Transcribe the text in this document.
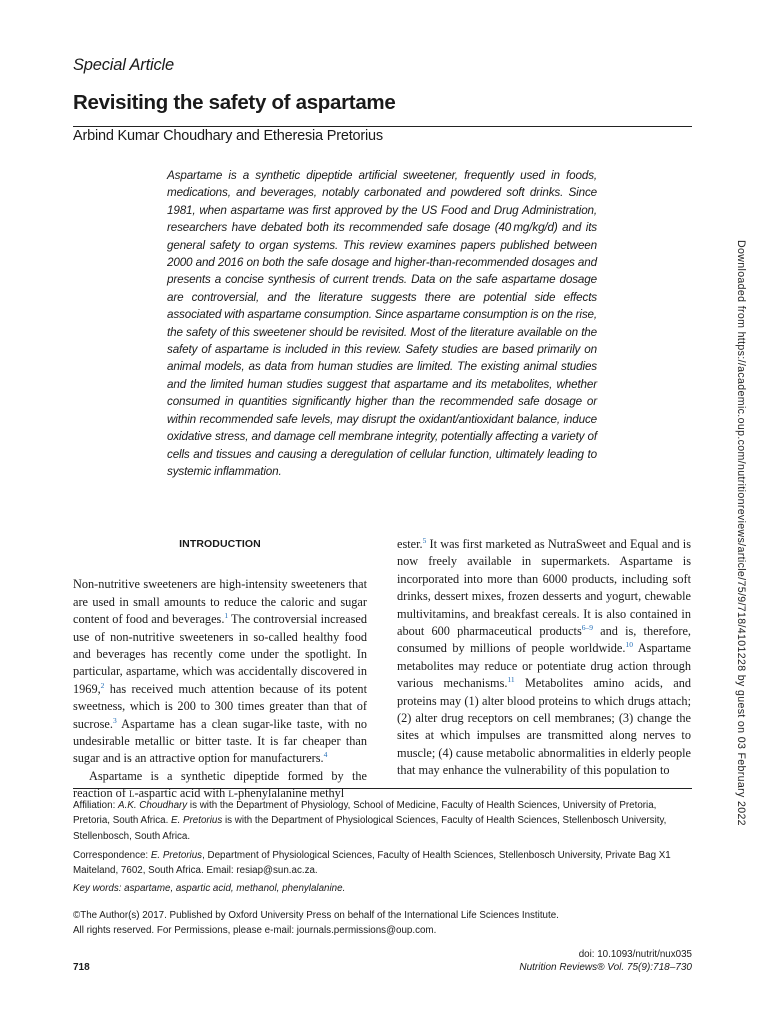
Special Article
Revisiting the safety of aspartame
Arbind Kumar Choudhary and Etheresia Pretorius

Aspartame is a synthetic dipeptide artificial sweetener, frequently used in foods, medications, and beverages, notably carbonated and powdered soft drinks. Since 1981, when aspartame was first approved by the US Food and Drug Administration, researchers have debated both its recommended safe dosage (40 mg/kg/d) and its general safety to organ systems. This review examines papers published between 2000 and 2016 on both the safe dosage and higher-than-recommended dosages and presents a concise synthesis of current trends. Data on the safe aspartame dosage are controversial, and the literature suggests there are potential side effects associated with aspartame consumption. Since aspartame consumption is on the rise, the safety of this sweetener should be revisited. Most of the literature available on the safety of aspartame is included in this review. Safety studies are based primarily on animal models, as data from human studies are limited. The existing animal studies and the limited human studies suggest that aspartame and its metabolites, whether consumed in quantities significantly higher than the recommended safe dosage or within recommended safe levels, may disrupt the oxidant/antioxidant balance, induce oxidative stress, and damage cell membrane integrity, potentially affecting a variety of cells and tissues and causing a deregulation of cellular function, ultimately leading to systemic inflammation.

INTRODUCTION

Non-nutritive sweeteners are high-intensity sweeteners that are used in small amounts to reduce the caloric and sugar content of food and beverages.$^1$ The controversial increased use of non-nutritive sweeteners in so-called healthy food and beverages has recently come under the spotlight. In particular, aspartame, which was accidentally discovered in 1969,$^2$ has received much attention because of its potent sweetness, which is 200 to 300 times greater than that of sucrose.$^3$ Aspartame has a clean sugar-like taste, with no undesirable metallic or bitter taste. It is far cheaper than sugar and is an attractive option for manufacturers.$^4$

Aspartame is a synthetic dipeptide formed by the reaction of l-aspartic acid with l-phenylalanine methyl

ester.$^5$ It was first marketed as NutraSweet and Equal and is now freely available in supermarkets. Aspartame is incorporated into more than 6000 products, including soft drinks, dessert mixes, frozen desserts and yogurt, chewable multivitamins, and breakfast cereals. It is also contained in about 600 pharmaceutical products$^{6-9}$ and is, therefore, consumed by millions of people worldwide.$^{10}$ Aspartame metabolites may reduce or potentiate drug action through various mechanisms.$^{11}$ Metabolites amino acids, and proteins may (1) alter blood proteins to which drugs attach; (2) alter drug receptors on cell membranes; (3) change the sites at which impulses are transmitted along nerves to muscle; (4) cause metabolic abnormalities in elderly people that may enhance the vulnerability of this population to

Affiliation: A.K. Choudhary is with the Department of Physiology, School of Medicine, Faculty of Health Sciences, University of Pretoria, Pretoria, South Africa. E. Pretorius is with the Department of Physiological Sciences, Faculty of Health Sciences, Stellenbosch University, Stellenbosch, South Africa.

Correspondence: E. Pretorius, Department of Physiological Sciences, Faculty of Health Sciences, Stellenbosch University, Private Bag X1 Maiteland, 7602, South Africa. Email: resiap@sun.ac.za.

Key words: aspartame, aspartic acid, methanol, phenylalanine.

©The Author(s) 2017. Published by Oxford University Press on behalf of the International Life Sciences Institute.
All rights reserved. For Permissions, please e-mail: journals.permissions@oup.com.

doi: 10.1093/nutrit/nux035
718	Nutrition Reviews® Vol. 75(9):718–730
Downloaded from https://academic.oup.com/nutritionreviews/article/75/9/718/4101228 by guest on 03 February 2022
